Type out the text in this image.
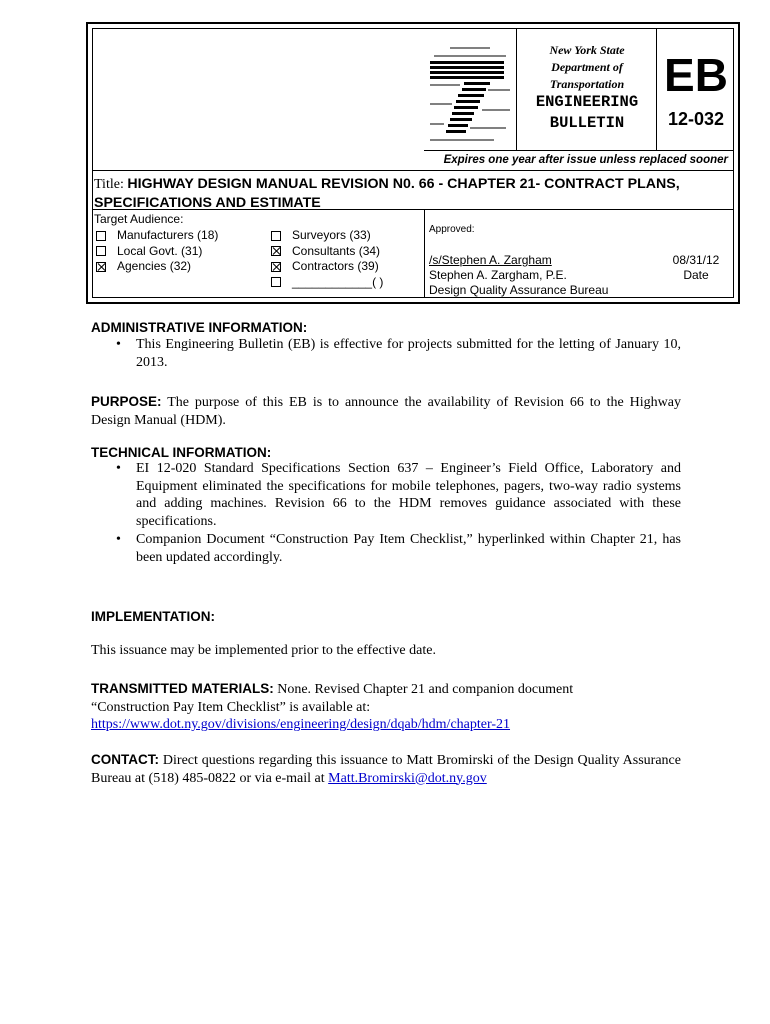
New York State
Department of
Transportation
ENGINEERING
BULLETIN
EB
12-032
Expires one year after issue unless replaced sooner
Title: HIGHWAY DESIGN MANUAL REVISION N0. 66 - CHAPTER 21- CONTRACT PLANS, SPECIFICATIONS AND ESTIMATE
Target Audience:
Manufacturers (18)
Local Govt. (31)
Agencies (32)
Surveyors (33)
Consultants (34)
Contractors (39)
____________( )
Approved:
/s/Stephen A. Zargham
Stephen A. Zargham, P.E.
Design Quality Assurance Bureau
08/31/12
Date
ADMINISTRATIVE INFORMATION:
• This Engineering Bulletin (EB) is effective for projects submitted for the letting of January 10, 2013.
PURPOSE: The purpose of this EB is to announce the availability of Revision 66 to the Highway Design Manual (HDM).
TECHNICAL INFORMATION:
• EI 12-020 Standard Specifications Section 637 – Engineer’s Field Office, Laboratory and Equipment eliminated the specifications for mobile telephones, pagers, two-way radio systems and adding machines. Revision 66 to the HDM removes guidance associated with these specifications.
• Companion Document “Construction Pay Item Checklist,” hyperlinked within Chapter 21, has been updated accordingly.
IMPLEMENTATION:
This issuance may be implemented prior to the effective date.
TRANSMITTED MATERIALS: None. Revised Chapter 21 and companion document
“Construction Pay Item Checklist” is available at:
https://www.dot.ny.gov/divisions/engineering/design/dqab/hdm/chapter-21
CONTACT: Direct questions regarding this issuance to Matt Bromirski of the Design Quality Assurance Bureau at (518) 485-0822 or via e-mail at Matt.Bromirski@dot.ny.gov
